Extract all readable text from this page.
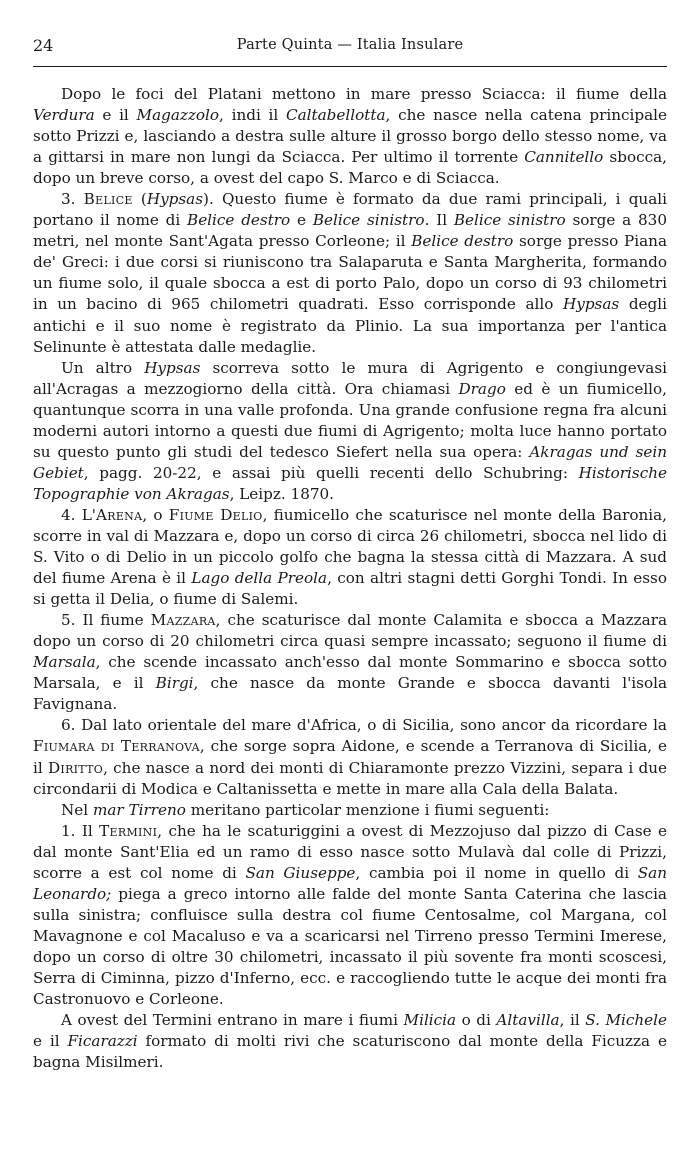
24	Parte Quinta — Italia Insulare

Dopo le foci del Platani mettono in mare presso Sciacca: il fiume della Verdura e il Magazzolo, indi il Caltabellotta, che nasce nella catena principale sotto Prizzi e, lasciando a destra sulle alture il grosso borgo dello stesso nome, va a gittarsi in mare non lungi da Sciacca. Per ultimo il torrente Cannitello sbocca, dopo un breve corso, a ovest del capo S. Marco e di Sciacca.

3. Belice (Hypsas). Questo fiume è formato da due rami principali, i quali portano il nome di Belice destro e Belice sinistro. Il Belice sinistro sorge a 830 metri, nel monte Sant'Agata presso Corleone; il Belice destro sorge presso Piana de' Greci: i due corsi si riuniscono tra Salaparuta e Santa Margherita, formando un fiume solo, il quale sbocca a est di porto Palo, dopo un corso di 93 chilometri in un bacino di 965 chilometri quadrati. Esso corrisponde allo Hypsas degli antichi e il suo nome è registrato da Plinio. La sua importanza per l'antica Selinunte è attestata dalle medaglie.

Un altro Hypsas scorreva sotto le mura di Agrigento e congiungevasi all'Acragas a mezzogiorno della città. Ora chiamasi Drago ed è un fiumicello, quantunque scorra in una valle profonda. Una grande confusione regna fra alcuni moderni autori intorno a questi due fiumi di Agrigento; molta luce hanno portato su questo punto gli studi del tedesco Siefert nella sua opera: Akragas und sein Gebiet, pagg. 20-22, e assai più quelli recenti dello Schubring: Historische Topographie von Akragas, Leipz. 1870.

4. L'Arena, o Fiume Delio, fiumicello che scaturisce nel monte della Baronia, scorre in val di Mazzara e, dopo un corso di circa 26 chilometri, sbocca nel lido di S. Vito o di Delio in un piccolo golfo che bagna la stessa città di Mazzara. A sud del fiume Arena è il Lago della Preola, con altri stagni detti Gorghi Tondi. In esso si getta il Delia, o fiume di Salemi.

5. Il fiume Mazzara, che scaturisce dal monte Calamita e sbocca a Mazzara dopo un corso di 20 chilometri circa quasi sempre incassato; seguono il fiume di Marsala, che scende incassato anch'esso dal monte Sommarino e sbocca sotto Marsala, e il Birgi, che nasce da monte Grande e sbocca davanti l'isola Favignana.

6. Dal lato orientale del mare d'Africa, o di Sicilia, sono ancor da ricordare la Fiumara di Terranova, che sorge sopra Aidone, e scende a Terranova di Sicilia, e il Diritto, che nasce a nord dei monti di Chiaramonte prezzo Vizzini, separa i due circondarii di Modica e Caltanissetta e mette in mare alla Cala della Balata.

Nel mar Tirreno meritano particolar menzione i fiumi seguenti:

1. Il Termini, che ha le scaturiggini a ovest di Mezzojuso dal pizzo di Case e dal monte Sant'Elia ed un ramo di esso nasce sotto Mulavà dal colle di Prizzi, scorre a est col nome di San Giuseppe, cambia poi il nome in quello di San Leonardo; piega a greco intorno alle falde del monte Santa Caterina che lascia sulla sinistra; confluisce sulla destra col fiume Centosalme, col Margana, col Mavagnone e col Macaluso e va a scaricarsi nel Tirreno presso Termini Imerese, dopo un corso di oltre 30 chilometri, incassato il più sovente fra monti scoscesi, Serra di Ciminna, pizzo d'Inferno, ecc. e raccogliendo tutte le acque dei monti fra Castronuovo e Corleone.

A ovest del Termini entrano in mare i fiumi Milicia o di Altavilla, il S. Michele e il Ficarazzi formato di molti rivi che scaturiscono dal monte della Ficuzza e bagna Misilmeri.
